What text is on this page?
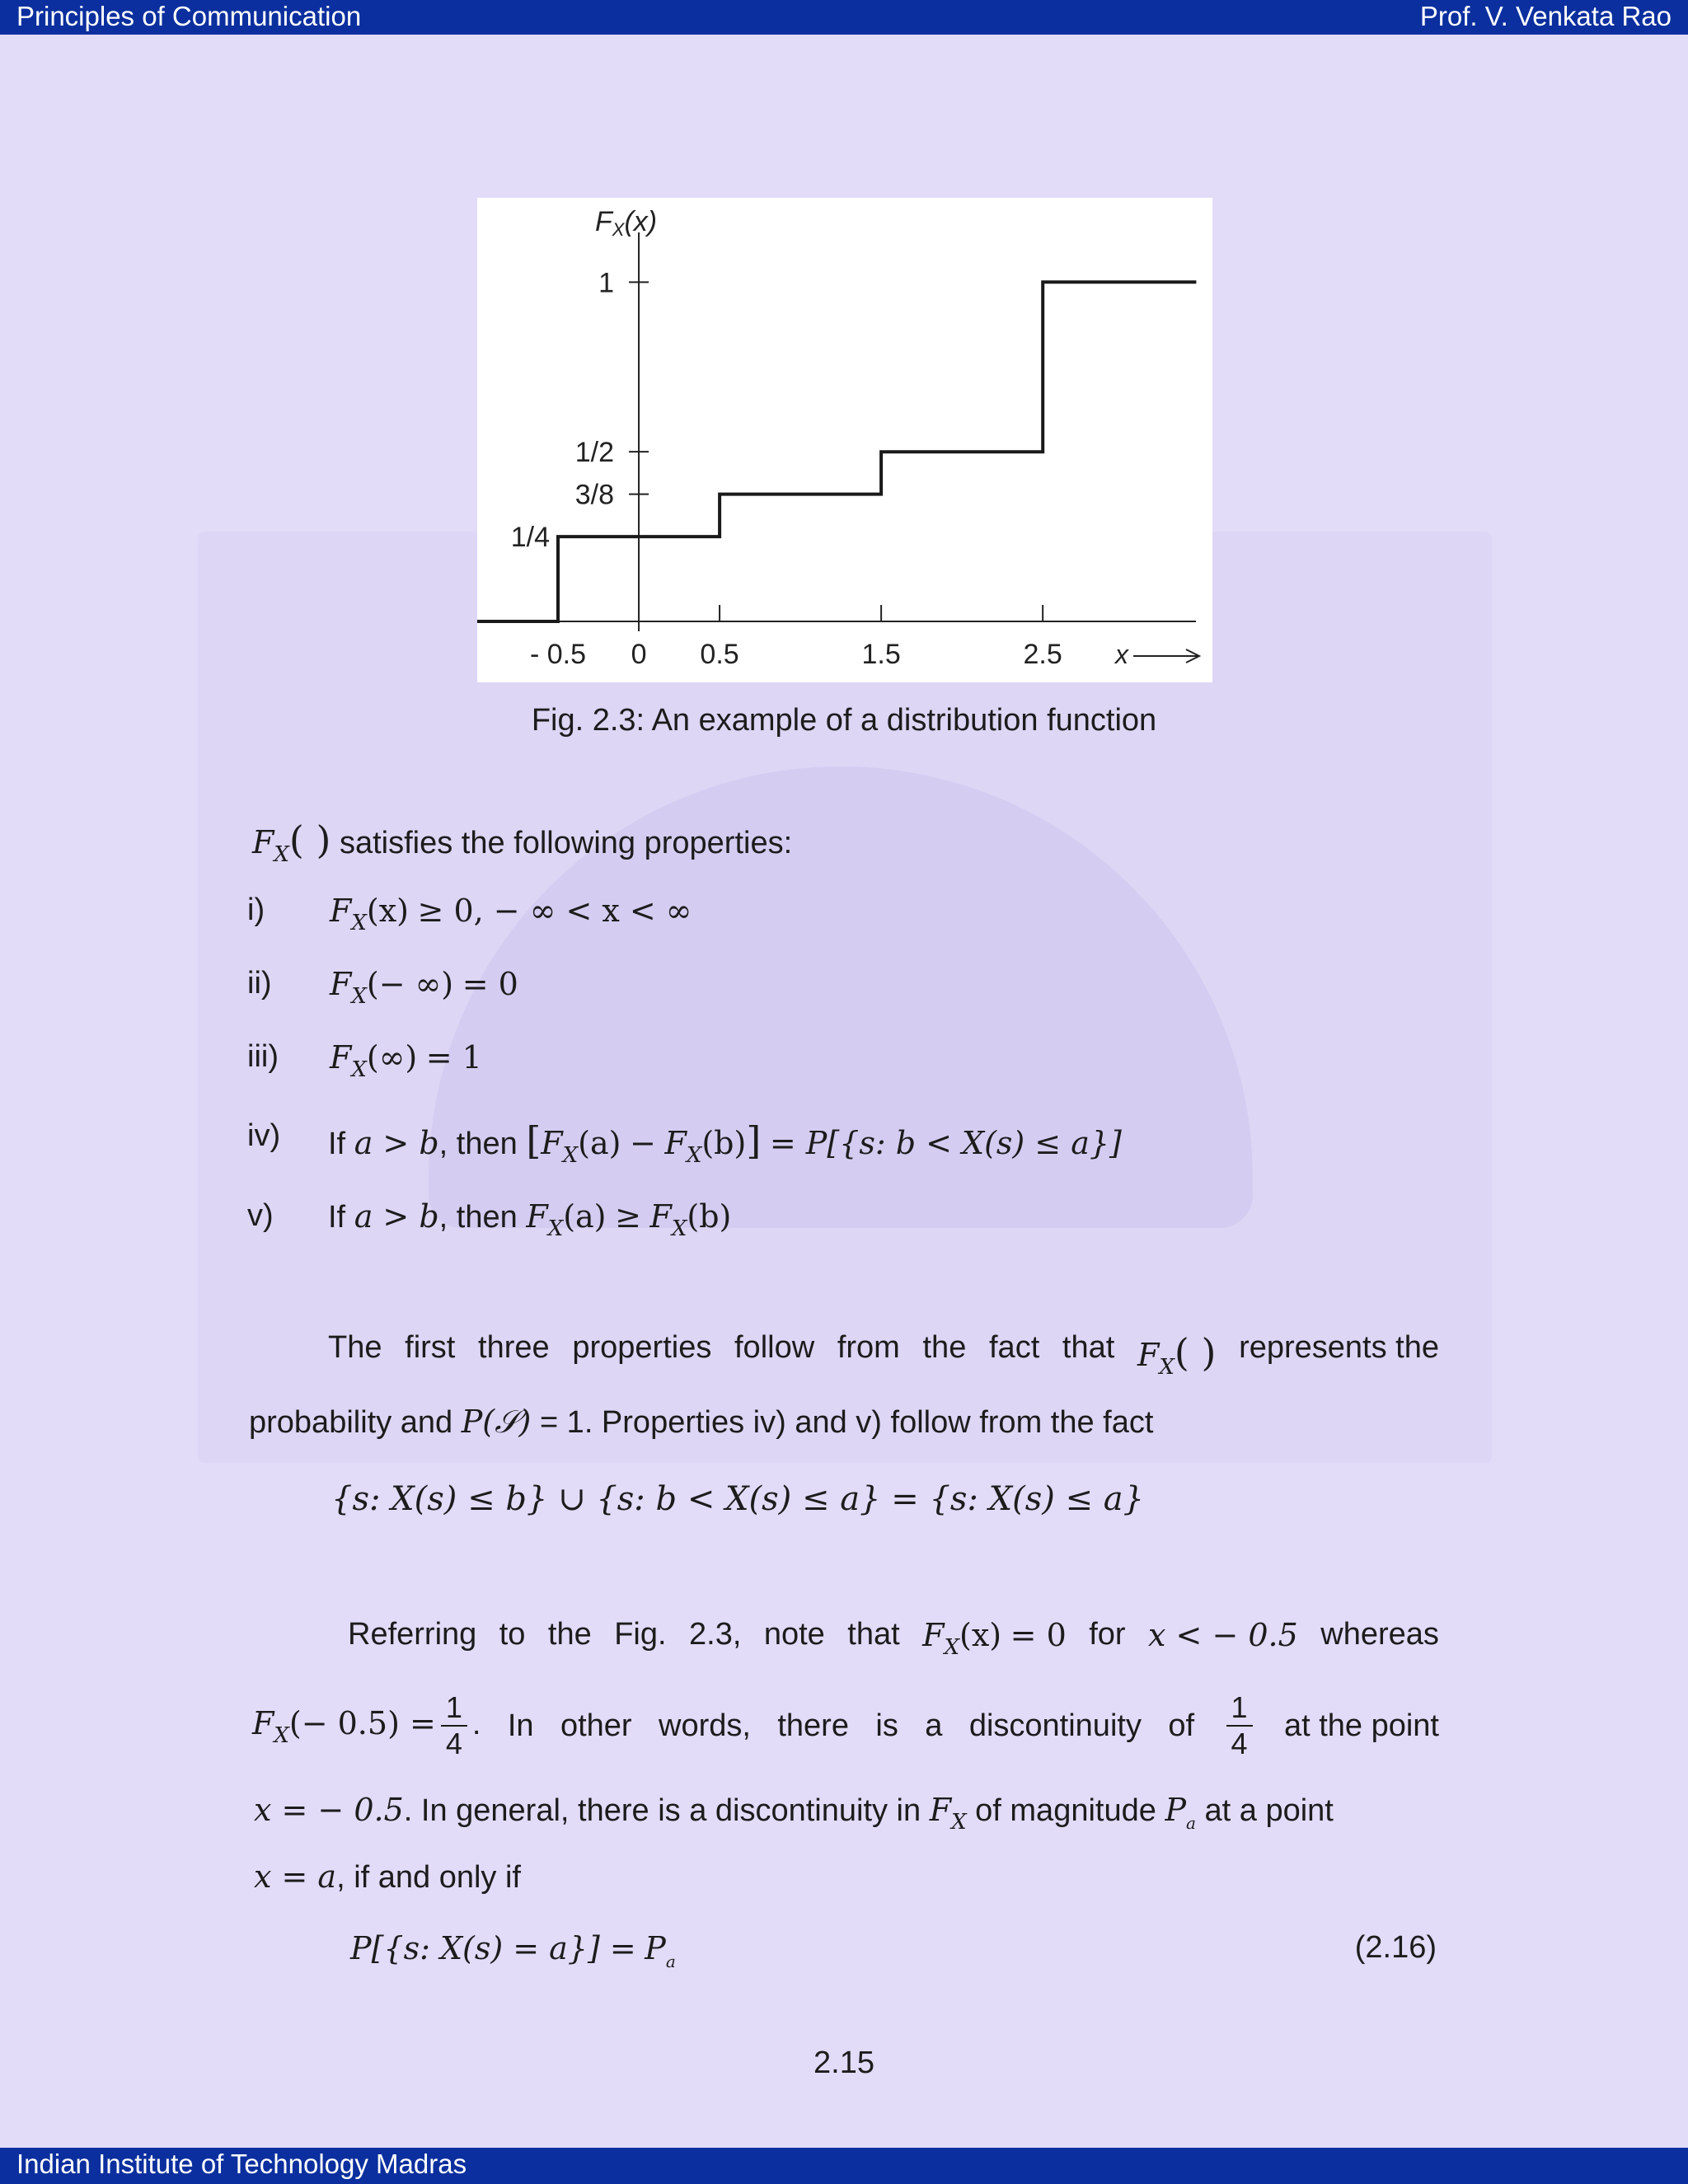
Principles of Communication	Prof. V. Venkata Rao
- 0.5 0 0.5	1.5	2.5
1
1/2
3/8
1/4
FX(x)
x
Fig. 2.3: An example of a distribution function
$F_X$( ) satisfies the following properties:
i) $F_X(x) \ge 0$, − ∞ < x < ∞
ii) $F_X(-$ ∞) = 0
iii) $F_X(\infty) = 1$
iv) If a > b, then $[F_X(a) - F_X(b)] = P[\{s$: b < X(s) ≤ a}]
v) If a > b, then $F_X(a) \ge F_X(b)$
The first three properties follow from the fact that $F_X$( ) represents the
probability and P(𝒮) = 1. Properties iv) and v) follow from the fact
{s: X(s) ≤ b} ∪ {s: b < X(s) ≤ a} = {s: X(s) ≤ a}
Referring to the Fig. 2.3, note that $F_X(x) = 0$ for x < − 0.5 whereas
$F_X(- 0.5) = \frac{1}{4}$ . In other words, there is a discontinuity of $\frac{1}{4}$ at the point
x = − 0.5. In general, there is a discontinuity in $F_X$ of magnitude $P_a$ at a point
x = a, if and only if
P[{s: $X(s) = a\}] = P_a$	(2.16)
2.15
Indian Institute of Technology Madras
